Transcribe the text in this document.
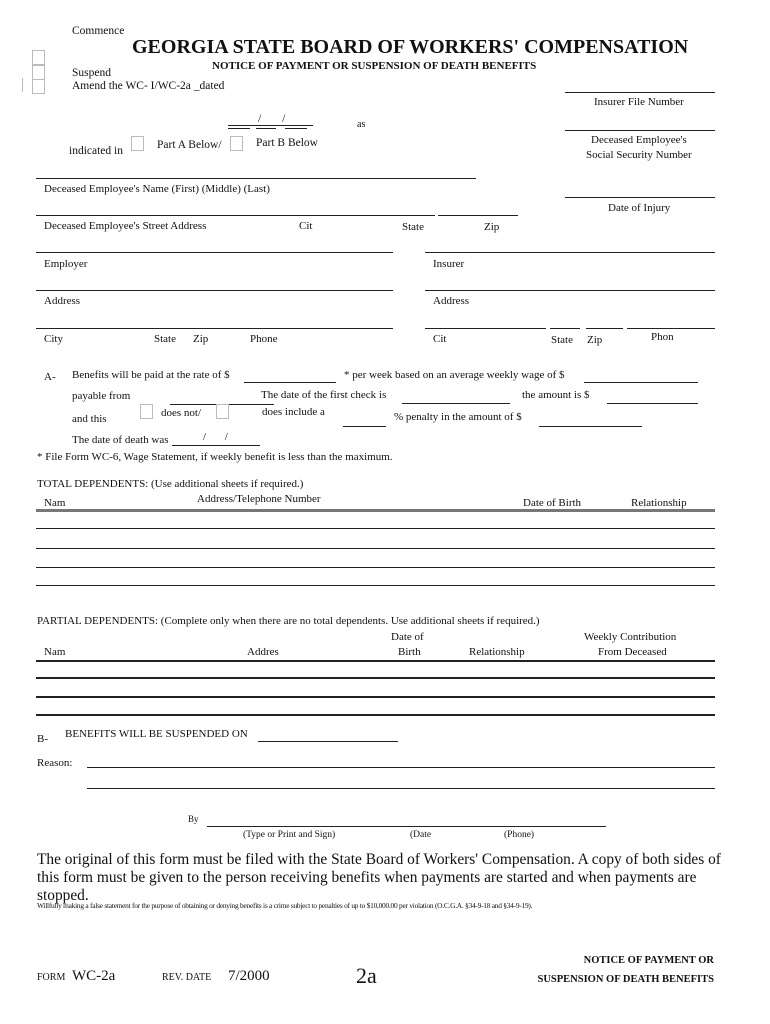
GEORGIA STATE BOARD OF WORKERS' COMPENSATION
NOTICE OF PAYMENT OR SUSPENSION OF DEATH BENEFITS
Commence
Suspend
Amend the WC- I/WC-2a _dated
/ /	as
indicated in	Part A Below/	Part B Below
Insurer File Number
Deceased Employee's
Social Security Number
Date of Injury
Deceased Employee's Name (First) (Middle) (Last)
Deceased Employee's Street Address	Cit	State	Zip
Employer	Insurer
Address	Address
City	State Zip	Phone	Cit	State Zip	Phon
A- Benefits will be paid at the rate of $	* per week based on an average weekly wage of $
payable from	The date of the first check is	the amount is $
and this	does not/	does include a	% penalty in the amount of $
The date of death was	/ /
* File Form WC-6, Wage Statement, if weekly benefit is less than the maximum.
TOTAL DEPENDENTS: (Use additional sheets if required.)
Nam	Address/Telephone Number	Date of Birth	Relationship
PARTIAL DEPENDENTS: (Complete only when there are no total dependents. Use additional sheets if required.)
Date of	Weekly Contribution
Nam	Addres	Birth	Relationship	From Deceased
B- BENEFITS WILL BE SUSPENDED ON
Reason:
By
(Type or Print and Sign)	(Date	(Phone)
The original of this form must be filed with the State Board of Workers' Compensation. A copy of both sides of this form must be given to the person receiving benefits when payments are started and when payments are stopped.
Willfully making a false statement for the purpose of obtaining or denying benefits is a crime subject to penalties of up to $10,000.00 per violation (O.C.G.A. §34-9-18 and §34-9-19).
FORM WC-2a	REV. DATE 7/2000	2a
NOTICE OF PAYMENT OR
SUSPENSION OF DEATH BENEFITS
